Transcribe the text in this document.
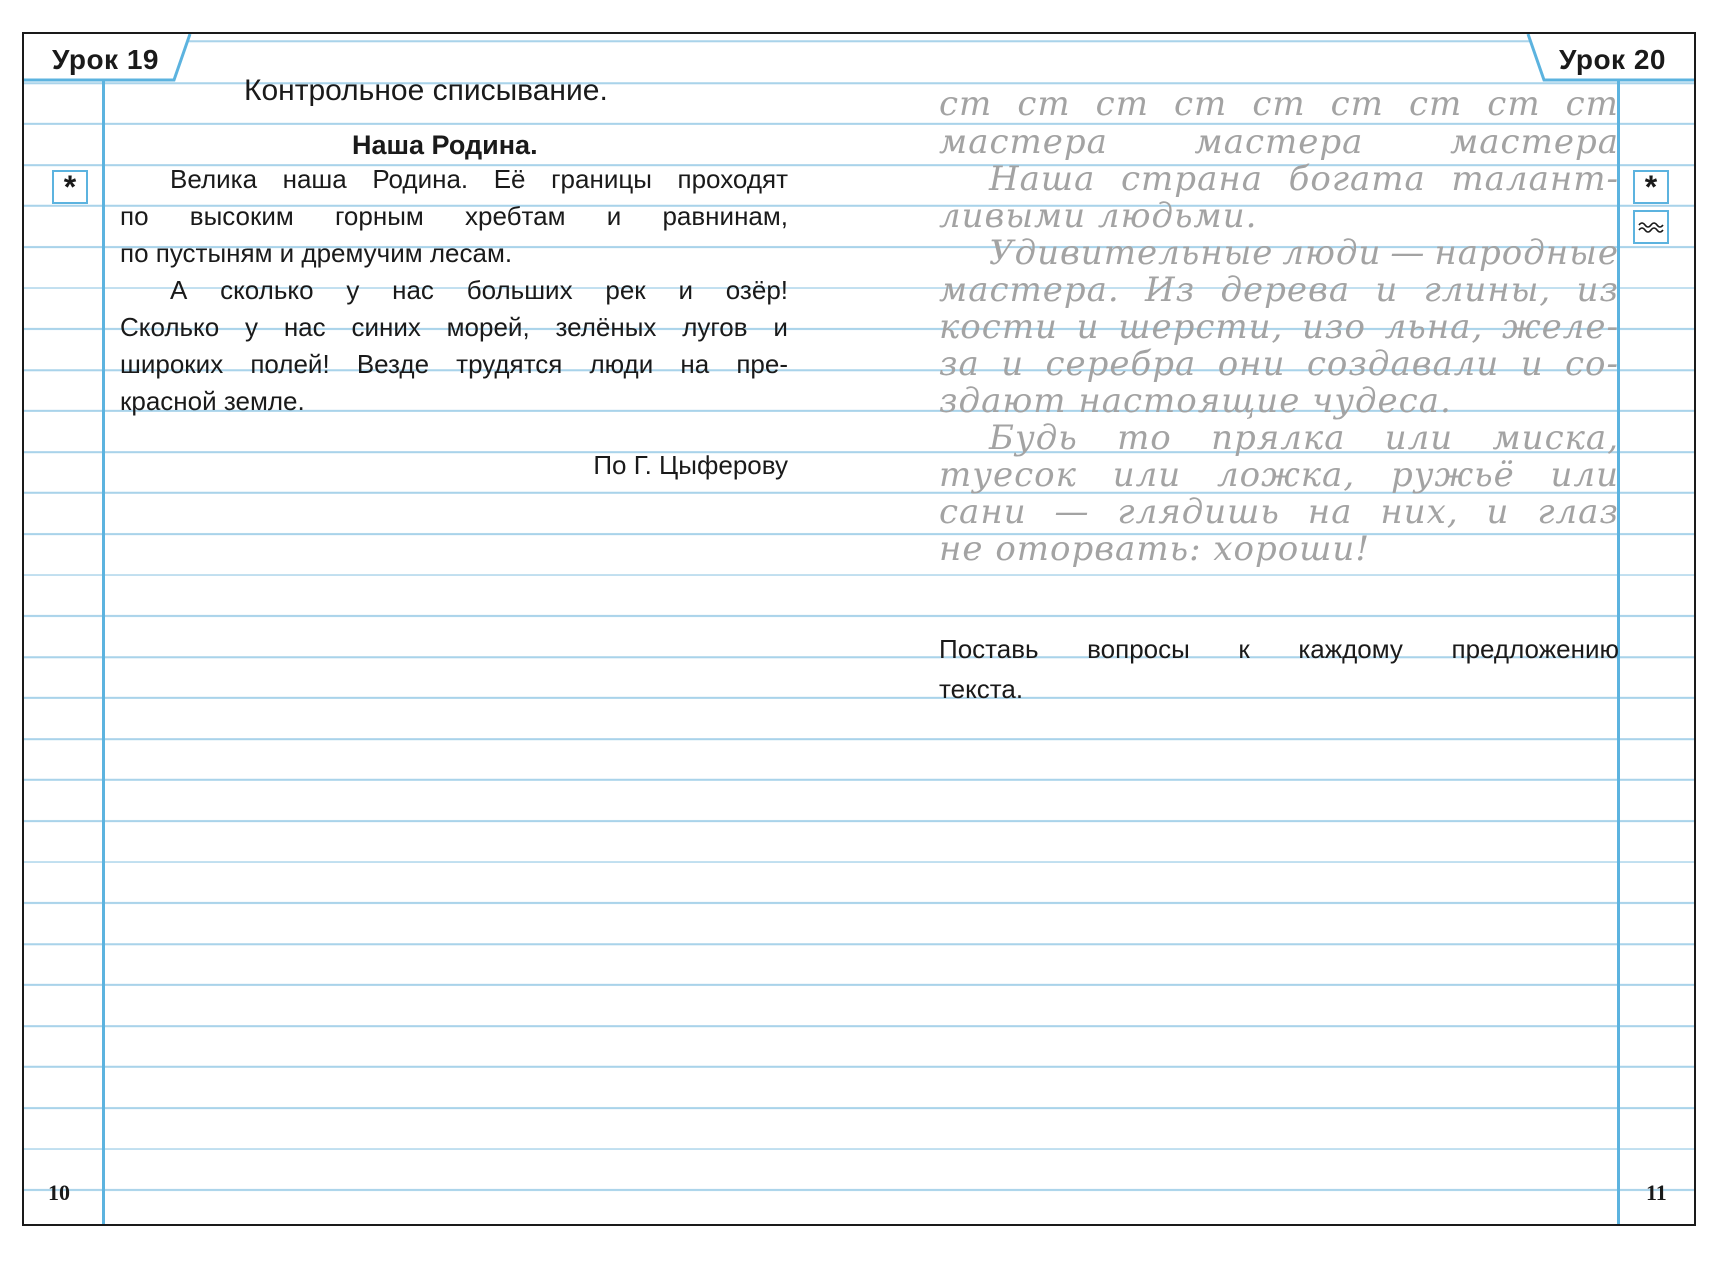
Урок 19	Урок 20
*	*
Контрольное списывание.
Наша Родина.
Велика наша Родина. Её границы проходят
по высоким горным хребтам и равнинам,
по пустыням и дремучим лесам.
А сколько у нас больших рек и озёр!
Сколько у нас синих морей, зелёных лугов и
широких полей! Везде трудятся люди на пре-
красной земле.
По Г. Цыферову
ст ст ст ст ст ст ст ст ст
мастера	мастера	мастера
Наша страна богата талант-
ливыми людьми.
Удивительные люди — народные
мастера. Из дерева и глины, из
кости и шерсти, изо льна, желе-
за и серебра они создавали и со-
здают настоящие чудеса.
Будь то прялка или миска,
туесок или ложка, ружьё или
сани — глядишь на них, и глаз
не оторвать: хороши!
Поставь вопросы к каждому предложению
текста.
10	11
